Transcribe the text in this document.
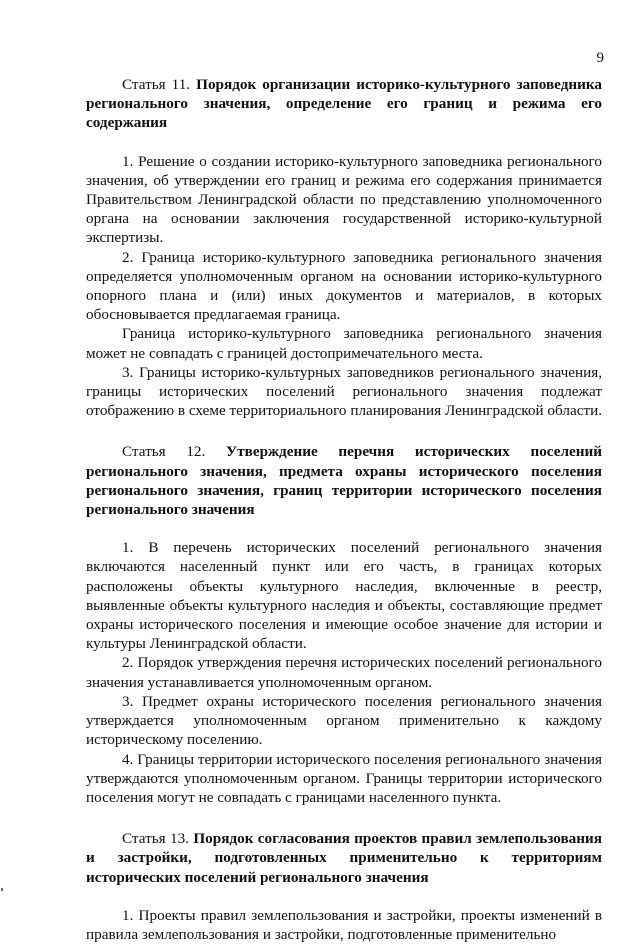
9
Статья 11. Порядок организации историко-культурного заповедника регионального значения, определение его границ и режима его содержания

1. Решение о создании историко-культурного заповедника регионального значения, об утверждении его границ и режима его содержания принимается Правительством Ленинградской области по представлению уполномоченного органа на основании заключения государственной историко-культурной экспертизы.

2. Граница историко-культурного заповедника регионального значения определяется уполномоченным органом на основании историко-культурного опорного плана и (или) иных документов и материалов, в которых обосновывается предлагаемая граница.

Граница историко-культурного заповедника регионального значения может не совпадать с границей достопримечательного места.

3. Границы историко-культурных заповедников регионального значения, границы исторических поселений регионального значения подлежат отображению в схеме территориального планирования Ленинградской области.

Статья 12. Утверждение перечня исторических поселений регионального значения, предмета охраны исторического поселения регионального значения, границ территории исторического поселения регионального значения

1. В перечень исторических поселений регионального значения включаются населенный пункт или его часть, в границах которых расположены объекты культурного наследия, включенные в реестр, выявленные объекты культурного наследия и объекты, составляющие предмет охраны исторического поселения и имеющие особое значение для истории и культуры Ленинградской области.

2. Порядок утверждения перечня исторических поселений регионального значения устанавливается уполномоченным органом.

3. Предмет охраны исторического поселения регионального значения утверждается уполномоченным органом применительно к каждому историческому поселению.

4. Границы территории исторического поселения регионального значения утверждаются уполномоченным органом. Границы территории исторического поселения могут не совпадать с границами населенного пункта.

Статья 13. Порядок согласования проектов правил землепользования и застройки, подготовленных применительно к территориям исторических поселений регионального значения

1. Проекты правил землепользования и застройки, проекты изменений в правила землепользования и застройки, подготовленные применительно
